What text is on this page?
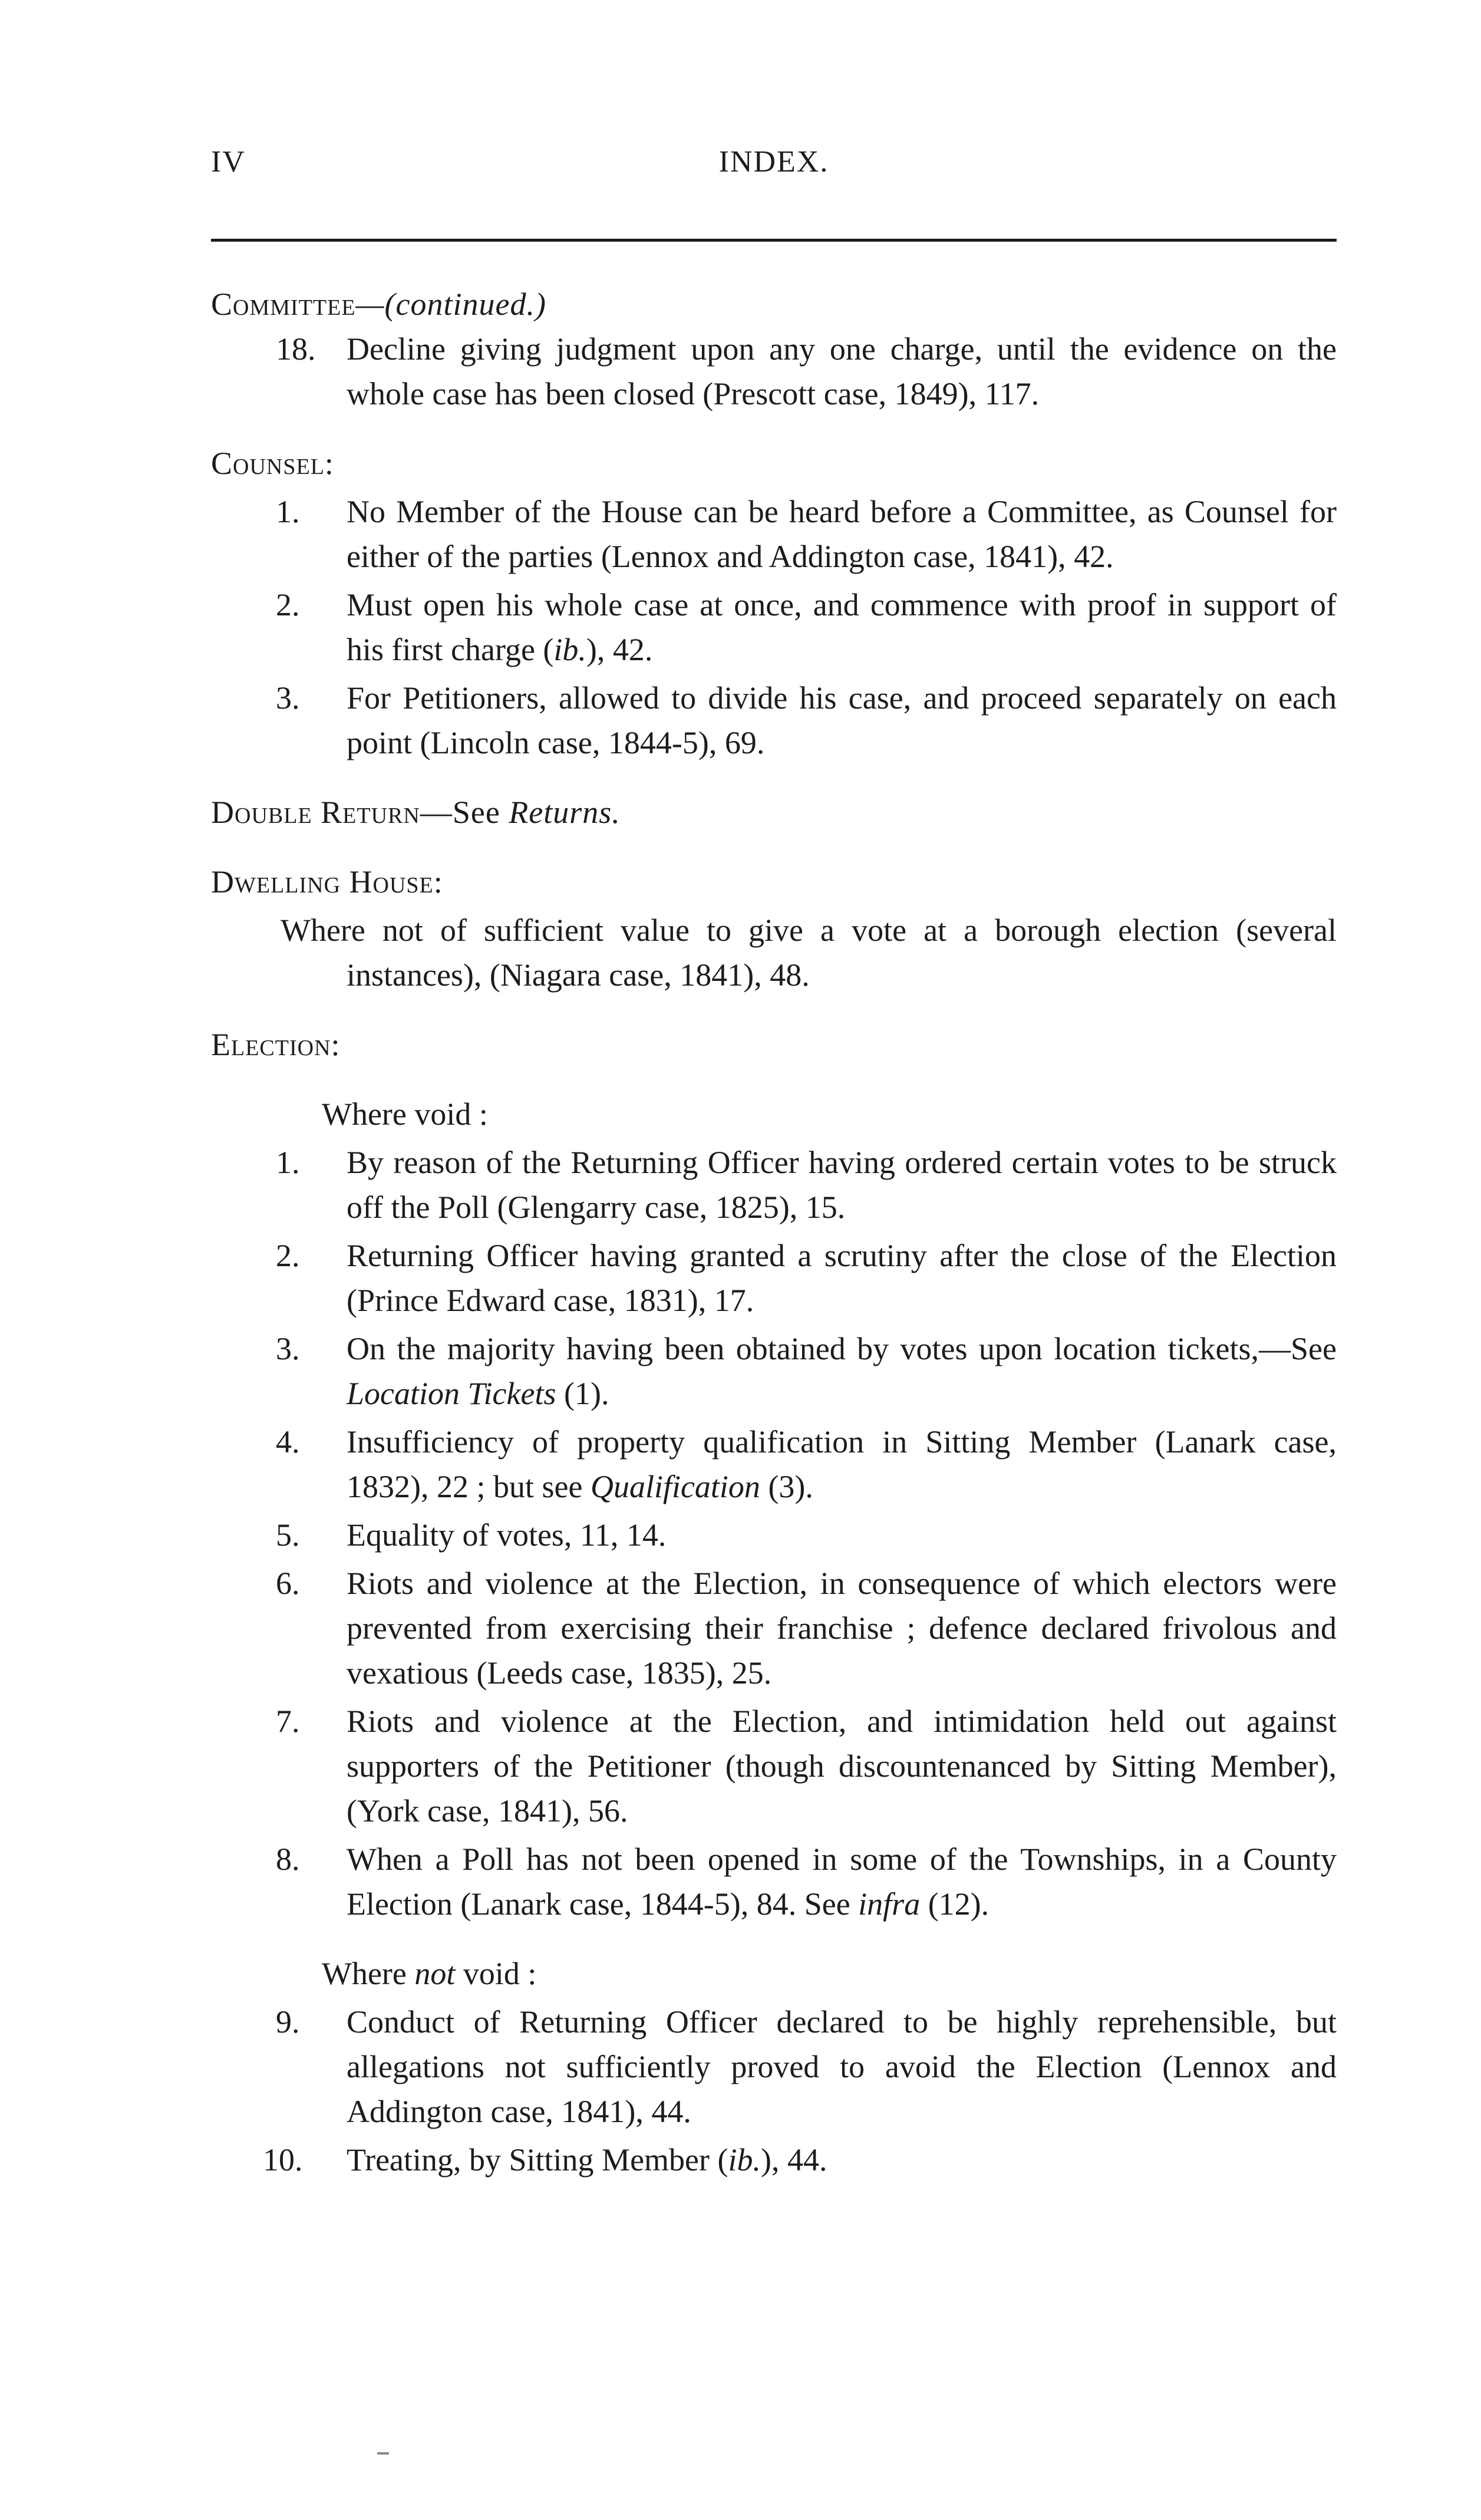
IV	INDEX.

Committee—(continued.)

18. Decline giving judgment upon any one charge, until the evidence on the whole case has been closed (Prescott case, 1849), 117.

Counsel:

1. No Member of the House can be heard before a Committee, as Counsel for either of the parties (Lennox and Addington case, 1841), 42.

2. Must open his whole case at once, and commence with proof in support of his first charge (ib.), 42.

3. For Petitioners, allowed to divide his case, and proceed separately on each point (Lincoln case, 1844-5), 69.

Double Return—See Returns.

Dwelling House:

Where not of sufficient value to give a vote at a borough election (several instances), (Niagara case, 1841), 48.

Election:

Where void :

1. By reason of the Returning Officer having ordered certain votes to be struck off the Poll (Glengarry case, 1825), 15.

2. Returning Officer having granted a scrutiny after the close of the Election (Prince Edward case, 1831), 17.

3. On the majority having been obtained by votes upon location tickets,—See Location Tickets (1).

4. Insufficiency of property qualification in Sitting Member (Lanark case, 1832), 22 ; but see Qualification (3).

5. Equality of votes, 11, 14.

6. Riots and violence at the Election, in consequence of which electors were prevented from exercising their franchise ; defence declared frivolous and vexatious (Leeds case, 1835), 25.

7. Riots and violence at the Election, and intimidation held out against supporters of the Petitioner (though discountenanced by Sitting Member), (York case, 1841), 56.

8. When a Poll has not been opened in some of the Townships, in a County Election (Lanark case, 1844-5), 84. See infra (12).

Where not void :

9. Conduct of Returning Officer declared to be highly reprehensible, but allegations not sufficiently proved to avoid the Election (Lennox and Addington case, 1841), 44.

10. Treating, by Sitting Member (ib.), 44.
